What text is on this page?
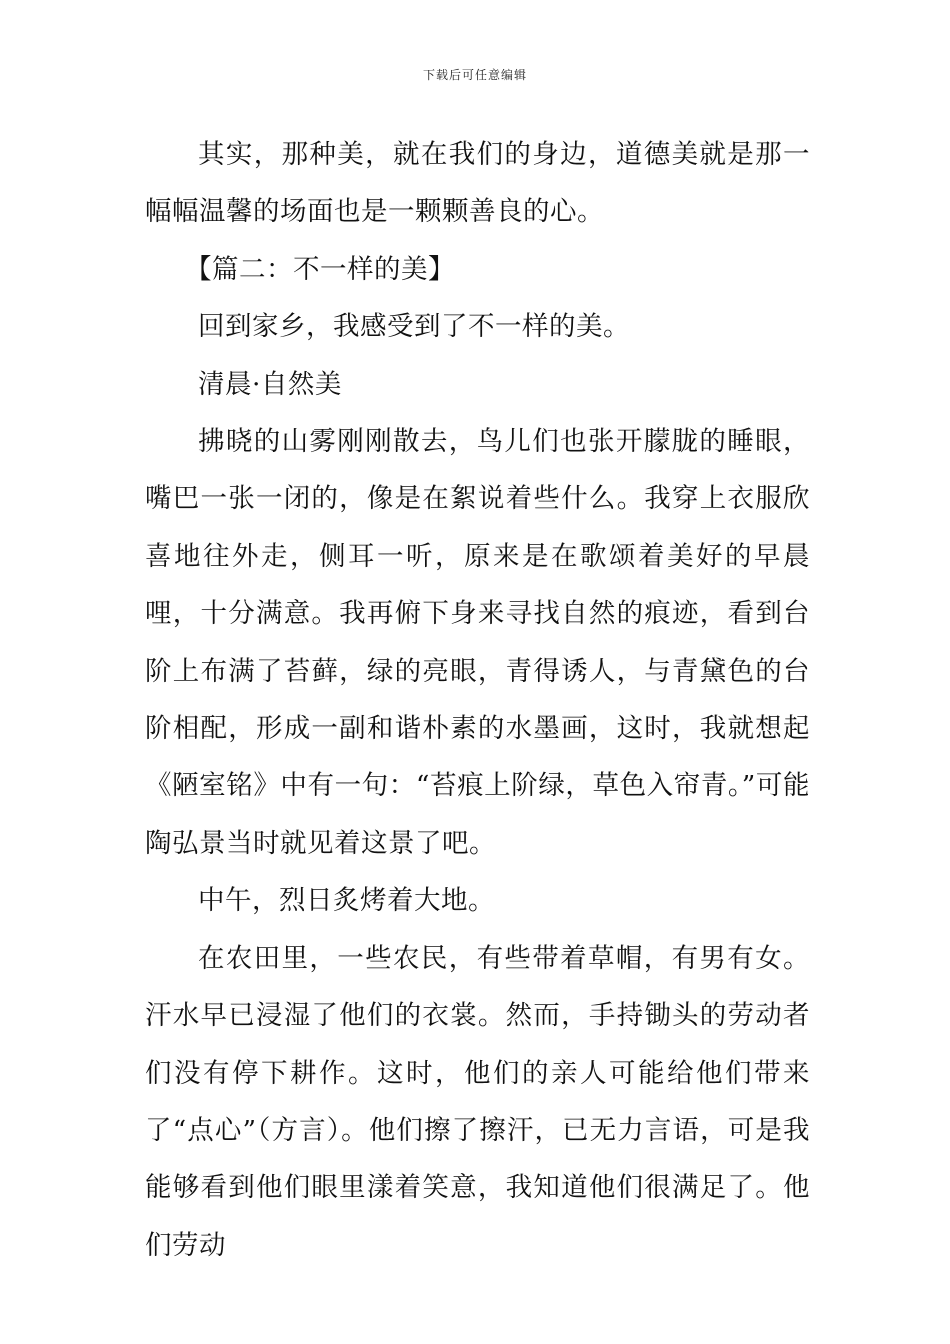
下载后可任意编辑

其实，那种美，就在我们的身边，道德美就是那一幅幅温馨的场面也是一颗颗善良的心。

【篇二：不一样的美】

回到家乡，我感受到了不一样的美。

清晨·自然美

拂晓的山雾刚刚散去，鸟儿们也张开朦胧的睡眼，嘴巴一张一闭的，像是在絮说着些什么。我穿上衣服欣喜地往外走，侧耳一听，原来是在歌颂着美好的早晨哩，十分满意。我再俯下身来寻找自然的痕迹，看到台阶上布满了苔藓，绿的亮眼，青得诱人，与青黛色的台阶相配，形成一副和谐朴素的水墨画，这时，我就想起《陋室铭》中有一句：“苔痕上阶绿，草色入帘青。”可能陶弘景当时就见着这景了吧。

中午，烈日炙烤着大地。

在农田里，一些农民，有些带着草帽，有男有女。汗水早已浸湿了他们的衣裳。然而，手持锄头的劳动者们没有停下耕作。这时，他们的亲人可能给他们带来了“点心”（方言）。他们擦了擦汗，已无力言语，可是我能够看到他们眼里漾着笑意，我知道他们很满足了。他们劳动
